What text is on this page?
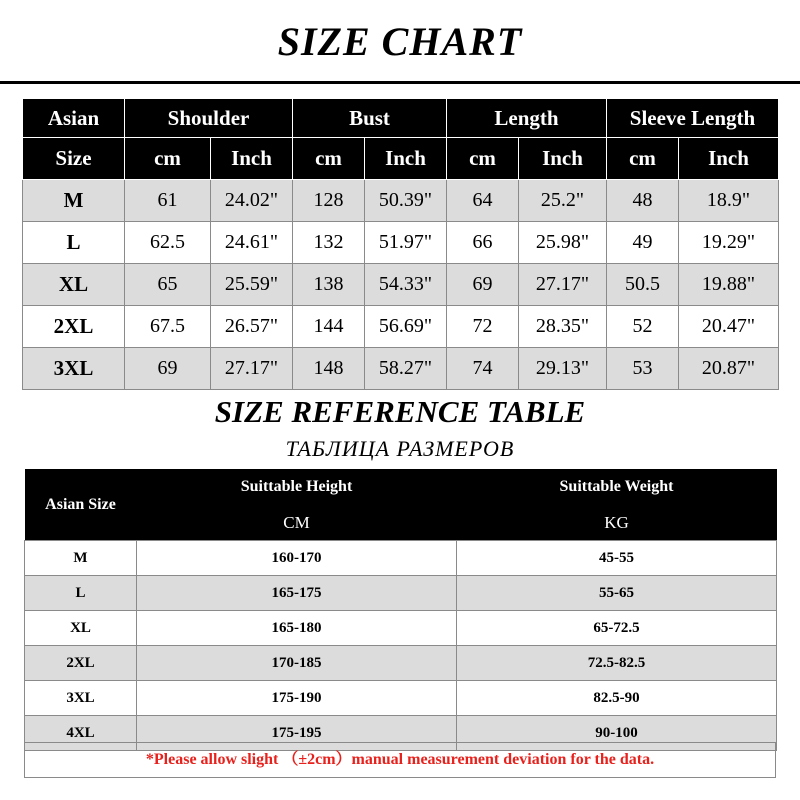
SIZE CHART
Asian	Shoulder		Bust		Length		Sleeve Length	
Size	cm	Inch	cm	Inch	cm	Inch	cm	Inch
M	61	24.02"	128	50.39"	64	25.2"	48	18.9"
L	62.5	24.61"	132	51.97"	66	25.98"	49	19.29"
XL	65	25.59"	138	54.33"	69	27.17"	50.5	19.88"
2XL	67.5	26.57"	144	56.69"	72	28.35"	52	20.47"
3XL	69	27.17"	148	58.27"	74	29.13"	53	20.87"
SIZE REFERENCE TABLE
ТАБЛИЦА РАЗМЕРОВ
Asian Size	Suittable Height	Suittable Weight
	CM	KG
M	160-170	45-55
L	165-175	55-65
XL	165-180	65-72.5
2XL	170-185	72.5-82.5
3XL	175-190	82.5-90
4XL	175-195	90-100
*Please allow slight （±2cm）manual measurement deviation for the data.
